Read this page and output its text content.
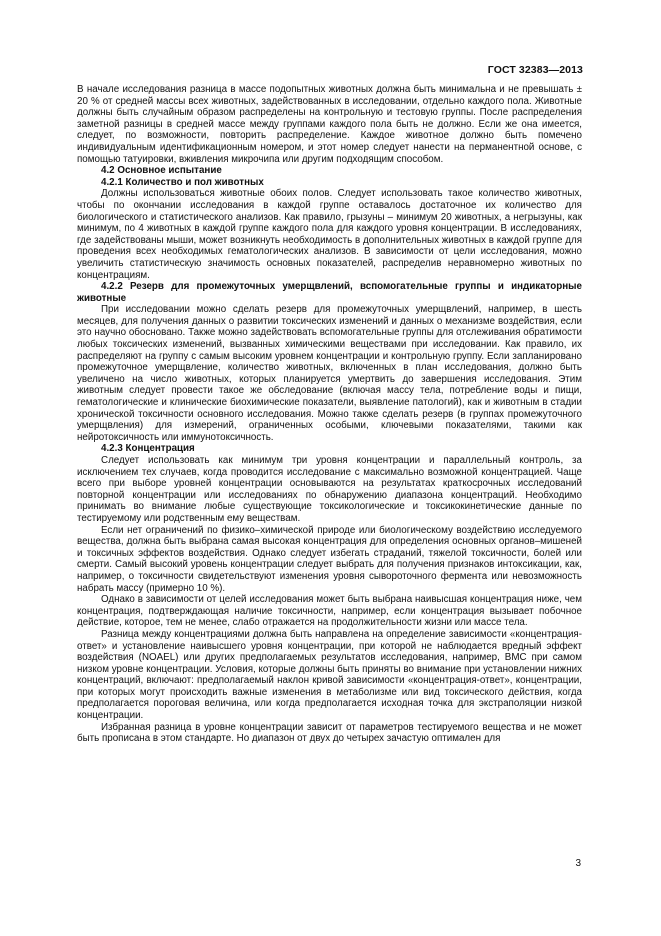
ГОСТ 32383—2013

В начале исследования разница в массе подопытных животных должна быть минимальна и не превышать ± 20 % от средней массы всех животных, задействованных в исследовании, отдельно каждого пола. Животные должны быть случайным образом распределены на контрольную и тестовую группы. После распределения заметной разницы в средней массе между группами каждого пола быть не должно. Если же она имеется, следует, по возможности, повторить распределение. Каждое животное должно быть помечено индивидуальным идентификационным номером, и этот номер следует нанести на перманентной основе, с помощью татуировки, вживления микрочипа или другим подходящим способом.

4.2 Основное испытание

4.2.1 Количество и пол животных

Должны использоваться животные обоих полов. Следует использовать такое количество животных, чтобы по окончании исследования в каждой группе оставалось достаточное их количество для биологического и статистического анализов. Как правило, грызуны – минимум 20 животных, а негрызуны, как минимум, по 4 животных в каждой группе каждого пола для каждого уровня концентрации. В исследованиях, где задействованы мыши, может возникнуть необходимость в дополнительных животных в каждой группе для проведения всех необходимых гематологических анализов. В зависимости от цели исследования, можно увеличить статистическую значимость основных показателей, распределив неравномерно животных по концентрациям.

4.2.2 Резерв для промежуточных умерщвлений, вспомогательные группы и индикаторные животные

При исследовании можно сделать резерв для промежуточных умерщвлений, например, в шесть месяцев, для получения данных о развитии токсических изменений и данных о механизме воздействия, если это научно обосновано. Также можно задействовать вспомогательные группы для отслеживания обратимости любых токсических изменений, вызванных химическими веществами при исследовании. Как правило, их распределяют на группу с самым высоким уровнем концентрации и контрольную группу. Если запланировано промежуточное умерщвление, количество животных, включенных в план исследования, должно быть увеличено на число животных, которых планируется умертвить до завершения исследования. Этим животным следует провести такое же обследование (включая массу тела, потребление воды и пищи, гематологические и клинические биохимические показатели, выявление патологий), как и животным в стадии хронической токсичности основного исследования. Можно также сделать резерв (в группах промежуточного умерщвления) для измерений, ограниченных особыми, ключевыми показателями, такими как нейротоксичность или иммунотоксичность.

4.2.3 Концентрация

Следует использовать как минимум три уровня концентрации и параллельный контроль, за исключением тех случаев, когда проводится исследование с максимально возможной концентрацией. Чаще всего при выборе уровней концентрации основываются на результатах краткосрочных исследований повторной концентрации или исследованиях по обнаружению диапазона концентраций. Необходимо принимать во внимание любые существующие токсикологические и токсикокинетические данные по тестируемому или родственным ему веществам.

Если нет ограничений по физико–химической природе или биологическому воздействию исследуемого вещества, должна быть выбрана самая высокая концентрация для определения основных органов–мишеней и токсичных эффектов воздействия. Однако следует избегать страданий, тяжелой токсичности, болей или смерти. Самый высокий уровень концентрации следует выбрать для получения признаков интоксикации, как, например, о токсичности свидетельствуют изменения уровня сывороточного фермента или невозможность набрать массу (примерно 10 %).

Однако в зависимости от целей исследования может быть выбрана наивысшая концентрация ниже, чем концентрация, подтверждающая наличие токсичности, например, если концентрация вызывает побочное действие, которое, тем не менее, слабо отражается на продолжительности жизни или массе тела.

Разница между концентрациями должна быть направлена на определение зависимости «концентрация-ответ» и установление наивысшего уровня концентрации, при которой не наблюдается вредный эффект воздействия (NOAEL) или других предполагаемых результатов исследования, например, ВМС при самом низком уровне концентрации. Условия, которые должны быть приняты во внимание при установлении нижних концентраций, включают: предполагаемый наклон кривой зависимости «концентрация-ответ», концентрации, при которых могут происходить важные изменения в метаболизме или вид токсического действия, когда предполагается пороговая величина, или когда предполагается исходная точка для экстраполяции низкой концентрации.

Избранная разница в уровне концентрации зависит от параметров тестируемого вещества и не может быть прописана в этом стандарте. Но диапазон от двух до четырех зачастую оптимален для

3
